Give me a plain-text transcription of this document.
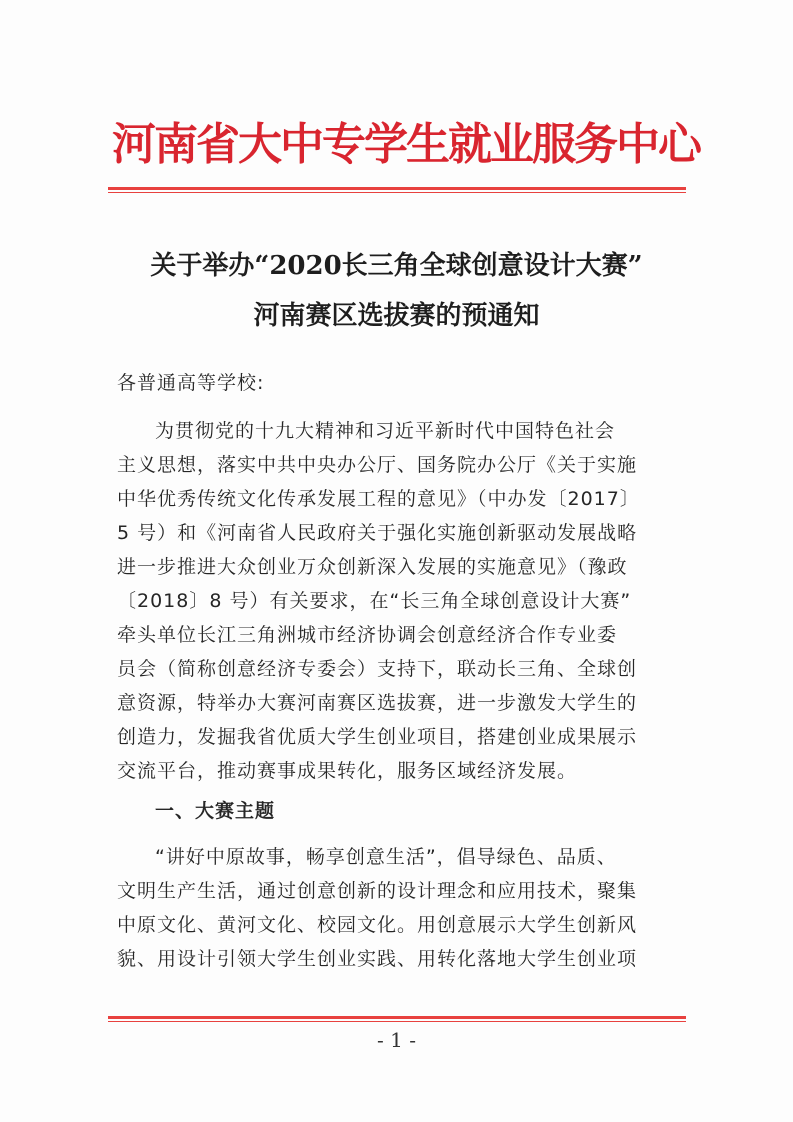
河南省大中专学生就业服务中心
关于举办“2020长三角全球创意设计大赛”
河南赛区选拔赛的预通知
各普通高等学校:
为贯彻党的十九大精神和习近平新时代中国特色社会
主义思想，落实中共中央办公厅、国务院办公厅《关于实施
中华优秀传统文化传承发展工程的意见》（中办发〔2017〕
5 号）和《河南省人民政府关于强化实施创新驱动发展战略
进一步推进大众创业万众创新深入发展的实施意见》（豫政
〔2018〕8 号）有关要求，在“长三角全球创意设计大赛”
牵头单位长江三角洲城市经济协调会创意经济合作专业委
员会（简称创意经济专委会）支持下，联动长三角、全球创
意资源，特举办大赛河南赛区选拔赛，进一步激发大学生的
创造力，发掘我省优质大学生创业项目，搭建创业成果展示
交流平台，推动赛事成果转化，服务区域经济发展。
一、大赛主题
“讲好中原故事，畅享创意生活”，倡导绿色、品质、
文明生产生活，通过创意创新的设计理念和应用技术，聚集
中原文化、黄河文化、校园文化。用创意展示大学生创新风
貌、用设计引领大学生创业实践、用转化落地大学生创业项
- 1 -
